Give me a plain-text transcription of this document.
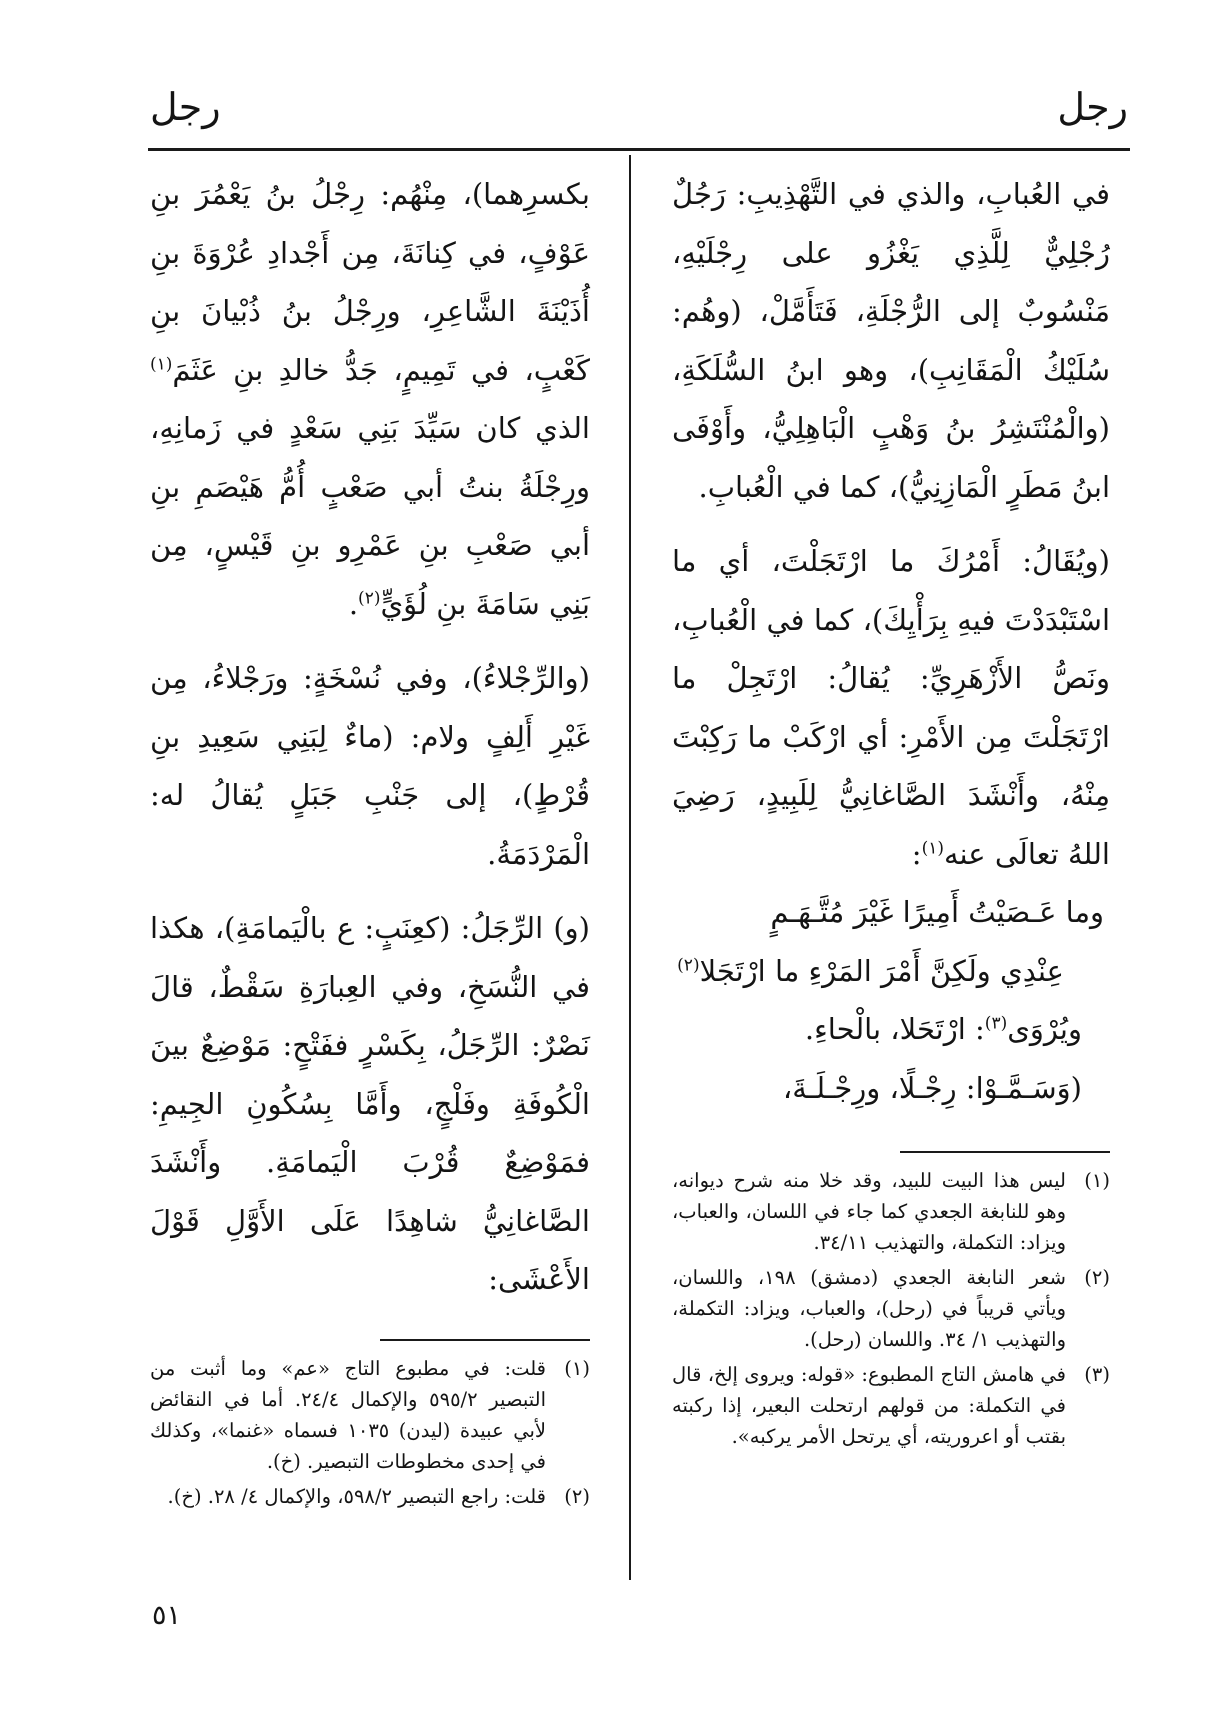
رجل
رجل

في العُبابِ، والذي في التَّهْذِيبِ: رَجُلٌ رُجْلِيٌّ لِلَّذِي يَغْزُو على رِجْلَيْهِ، مَنْسُوبٌ إلى الرُّجْلَةِ، فَتَأَمَّلْ، (وهُم: سُلَيْكُ الْمَقَانِبِ)، وهو ابنُ السُّلَكَةِ، (والْمُنْتَشِرُ بنُ وَهْبٍ الْبَاهِلِيُّ، وأَوْفَى ابنُ مَطَرٍ الْمَازِنِيُّ)، كما في الْعُبابِ.

(ويُقَالُ: أَمْرُكَ ما ارْتَجَلْتَ، أي ما اسْتَبْدَدْتَ فيهِ بِرَأْيِكَ)، كما في الْعُبابِ، ونَصُّ الأَزْهَرِيِّ: يُقالُ: ارْتَجِلْ ما ارْتَجَلْتَ مِن الأَمْرِ: أي ارْكَبْ ما رَكِبْتَ مِنْهُ، وأَنْشَدَ الصَّاغانِيُّ لِلَبِيدٍ، رَضِيَ اللهُ تعالَى عنه$^{(١)}$:

وما عَـصَيْتُ أَمِيرًا غَيْرَ مُتَّـهَـمٍ
عِنْدِي ولَكِنَّ أَمْرَ المَرْءِ ما ارْتَجَلا$^{(٢)}$
ويُرْوَى$^{(٣)}$: ارْتَحَلا، بالْحاءِ.
(وَسَـمَّـوْا: رِجْـلًا، ورِجْـلَـةَ،
(١)
ليس هذا البيت للبيد، وقد خلا منه شرح ديوانه، وهو للنابغة الجعدي كما جاء في اللسان، والعباب، ويزاد: التكملة، والتهذيب ٣٤/١١.
(٢)
شعر النابغة الجعدي (دمشق) ١٩٨، واللسان، ويأتي قريباً في (رحل)، والعباب، ويزاد: التكملة، والتهذيب ١/ ٣٤. واللسان (رحل).
(٣)
في هامش التاج المطبوع: «قوله: ويروى إلخ، قال في التكملة: من قولهم ارتحلت البعير، إذا ركبته بقتب أو اعروريته، أي يرتحل الأمر يركبه».

بكسرِهما)، مِنْهُم: رِجْلُ بنُ يَعْمُرَ بنِ عَوْفٍ، في كِنانَةَ، مِن أَجْدادِ عُرْوَةَ بنِ أُذَيْنَةَ الشَّاعِرِ، ورِجْلُ بنُ ذُبْيانَ بنِ كَعْبٍ، في تَمِيمٍ، جَدُّ خالدِ بنِ عَثَمَ$^{(١)}$ الذي كان سَيِّدَ بَنِي سَعْدٍ في زَمانِهِ، ورِجْلَةُ بنتُ أبي صَعْبٍ أُمُّ هَيْصَمِ بنِ أبي صَعْبِ بنِ عَمْرِو بنِ قَيْسٍ، مِن بَنِي سَامَةَ بنِ لُؤَيٍّ$^{(٢)}$.

(والرِّجْلاءُ)، وفي نُسْخَةٍ: ورَجْلاءُ، مِن غَيْرِ أَلِفٍ ولام: (ماءٌ لِبَنِي سَعِيدِ بنِ قُرْطٍ)، إلى جَنْبِ جَبَلٍ يُقالُ له: الْمَرْدَمَةُ.

(و) الرِّجَلُ: (كعِنَبٍ: ع بالْيَمامَةِ)، هكذا في النُّسَخِ، وفي العِبارَةِ سَقْطٌ، قالَ نَصْرٌ: الرِّجَلُ، بِكَسْرٍ ففَتْحٍ: مَوْضِعٌ بينَ الْكُوفَةِ وفَلْجٍ، وأَمَّا بِسُكُونِ الجِيمِ: فمَوْضِعٌ قُرْبَ الْيَمامَةِ. وأَنْشَدَ الصَّاغانِيُّ شاهِدًا عَلَى الأَوَّلِ قَوْلَ الأَعْشَى:

(١)
قلت: في مطبوع التاج «عم» وما أثبت من التبصير ٥٩٥/٢ والإكمال ٢٤/٤. أما في النقائض لأبي عبيدة (ليدن) ١٠٣٥ فسماه «غنما»، وكذلك في إحدى مخطوطات التبصير. (خ).
(٢)
قلت: راجع التبصير ٥٩٨/٢، والإكمال ٤/ ٢٨. (خ).
٥١
